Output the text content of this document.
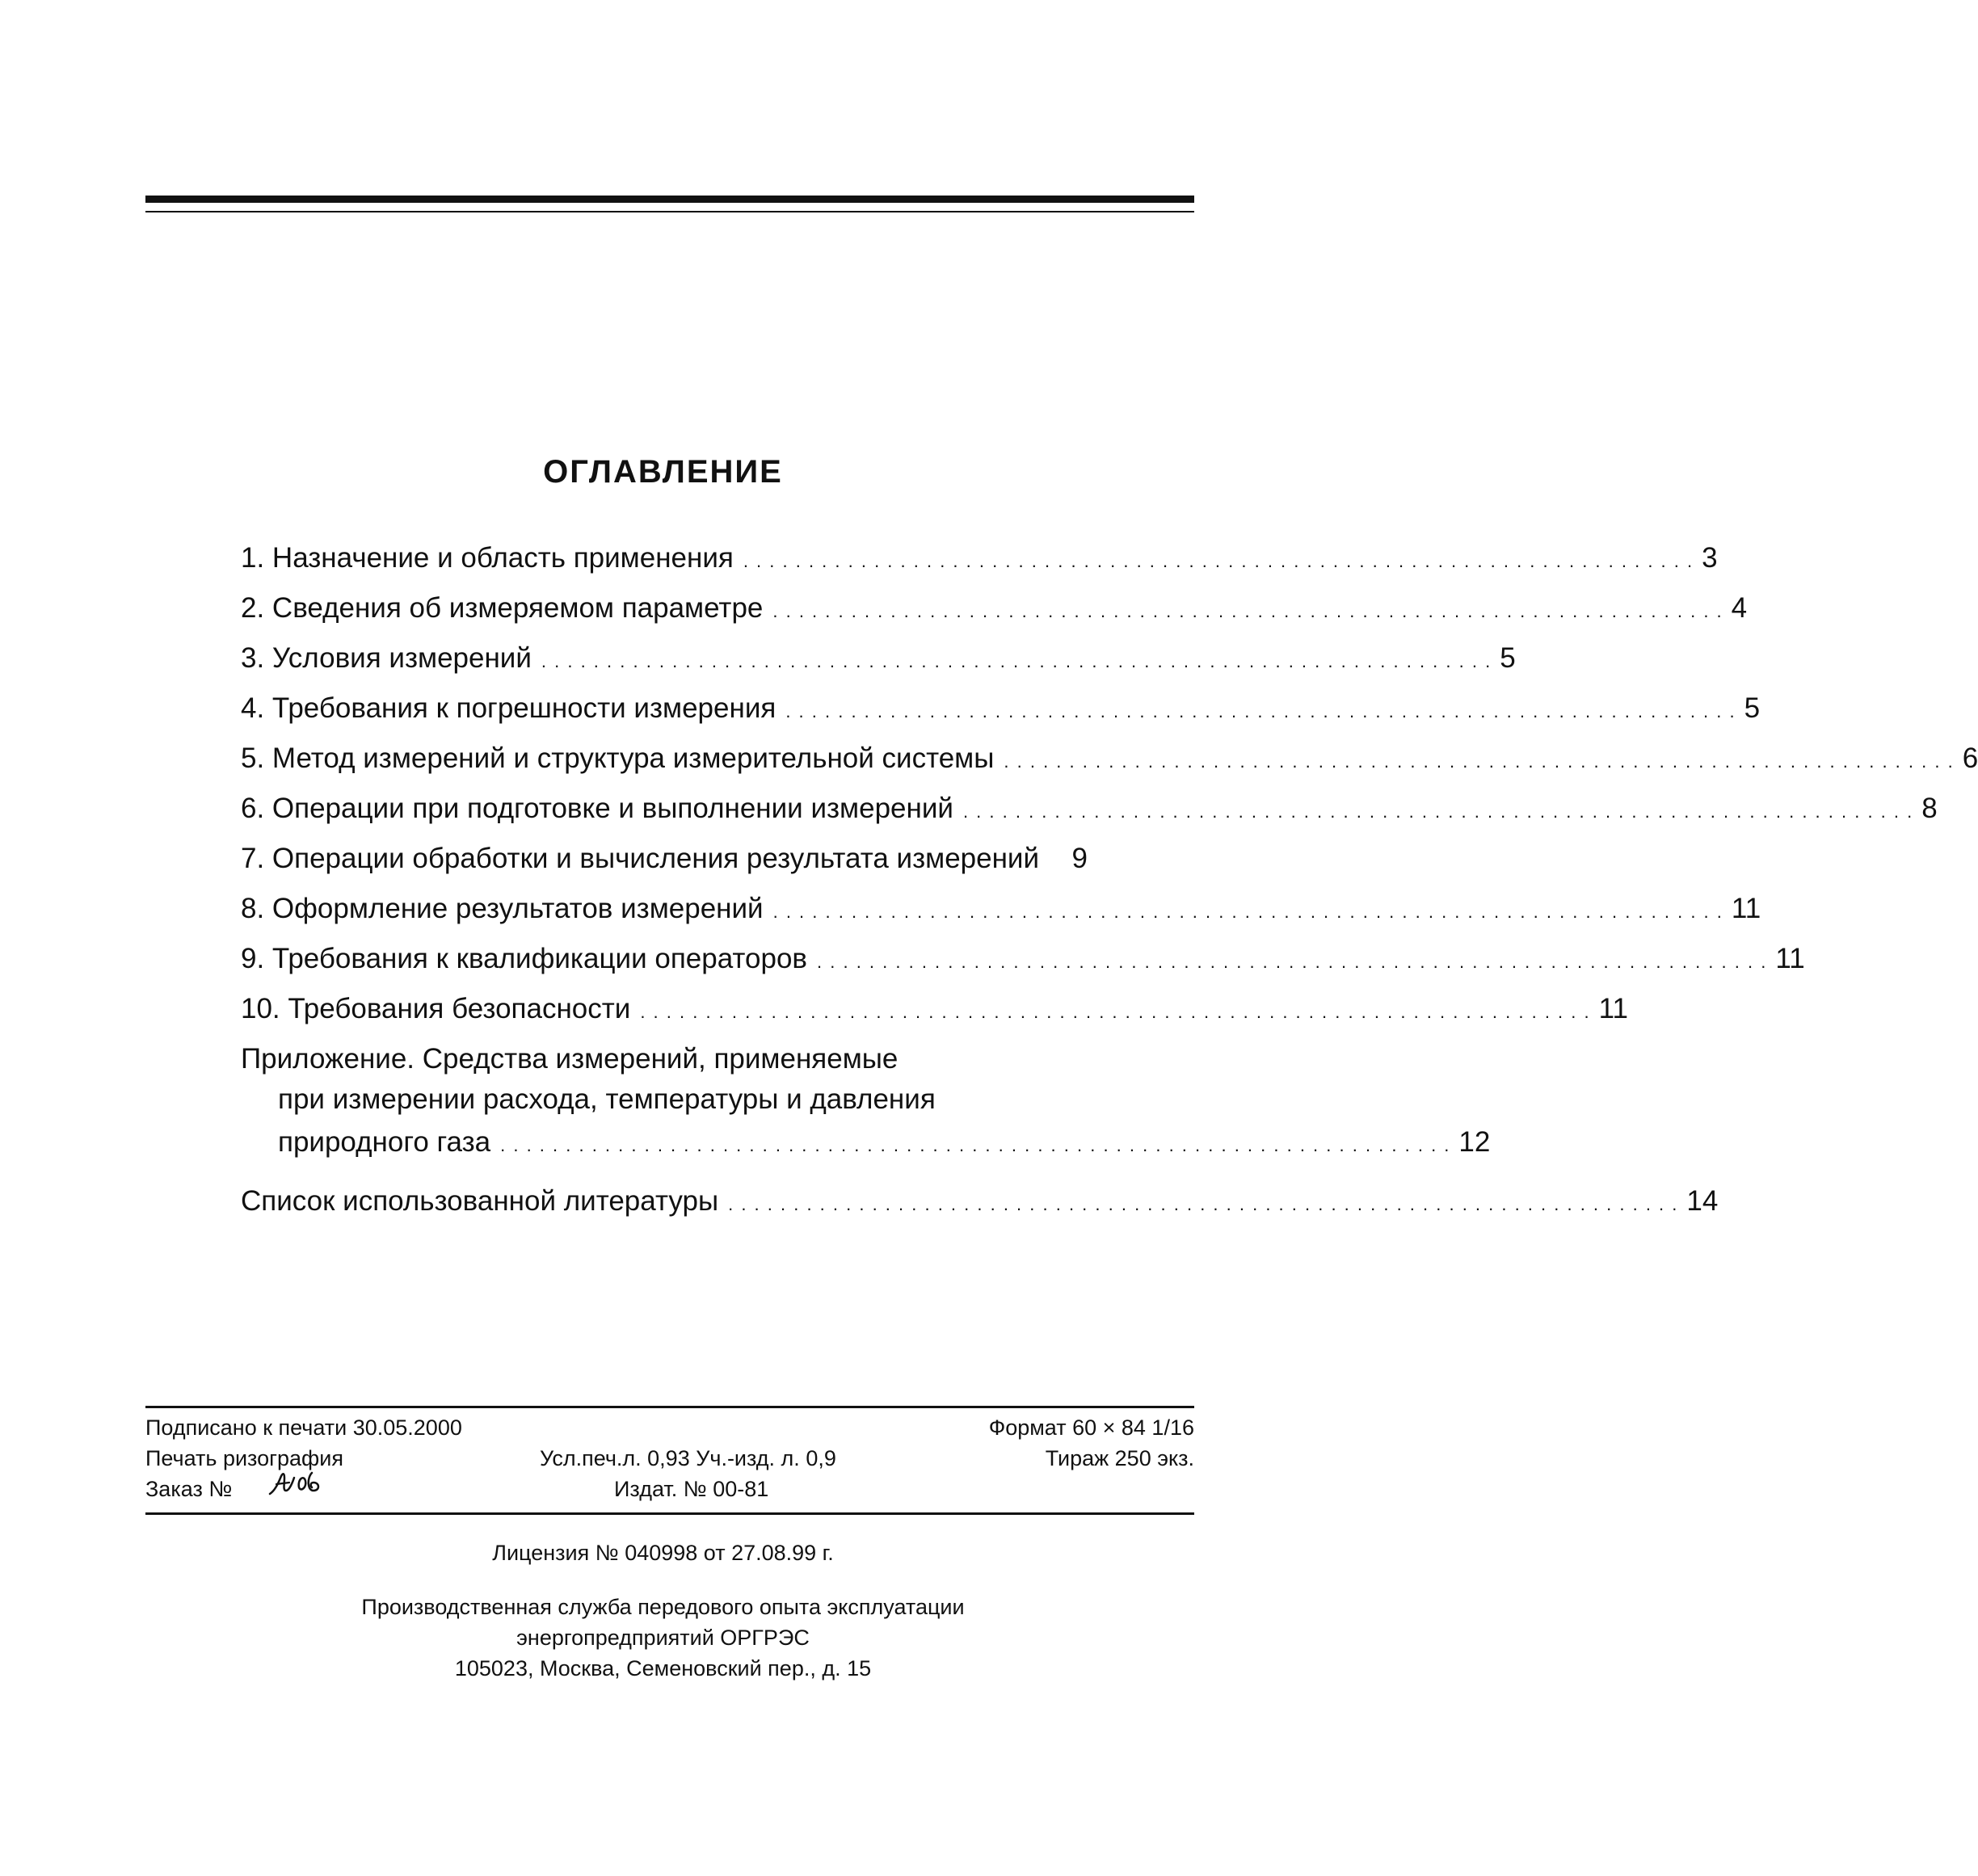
ОГЛАВЛЕНИЕ
1. Назначение и область применения . . . . . . . . . . . . . . . . . . . . . . . . . . . . . . . . . . . . . . . . . . . . . . . . . . . . . . . . . . . . . . . . . . . . . . . . . 3
2. Сведения об измеряемом параметре . . . . . . . . . . . . . . . . . . . . . . . . . . . . . . . . . . . . . . . . . . . . . . . . . . . . . . . . . . . . . . . . . . . . . . . . . 4
3. Условия измерений . . . . . . . . . . . . . . . . . . . . . . . . . . . . . . . . . . . . . . . . . . . . . . . . . . . . . . . . . . . . . . . . . . . . . . . . . 5
4. Требования к погрешности измерения . . . . . . . . . . . . . . . . . . . . . . . . . . . . . . . . . . . . . . . . . . . . . . . . . . . . . . . . . . . . . . . . . . . . . . . . . 5
5. Метод измерений и структура измерительной системы . . . . . . . . . . . . . . . . . . . . . . . . . . . . . . . . . . . . . . . . . . . . . . . . . . . . . . . . . . . . . . . . . . . . . . . . . 6
6. Операции при подготовке и выполнении измерений . . . . . . . . . . . . . . . . . . . . . . . . . . . . . . . . . . . . . . . . . . . . . . . . . . . . . . . . . . . . . . . . . . . . . . . . . 8
7. Операции обработки и вычисления результата измерений	9
8. Оформление результатов измерений . . . . . . . . . . . . . . . . . . . . . . . . . . . . . . . . . . . . . . . . . . . . . . . . . . . . . . . . . . . . . . . . . . . . . . . . . 11
9. Требования к квалификации операторов . . . . . . . . . . . . . . . . . . . . . . . . . . . . . . . . . . . . . . . . . . . . . . . . . . . . . . . . . . . . . . . . . . . . . . . . . 11
10. Требования безопасности . . . . . . . . . . . . . . . . . . . . . . . . . . . . . . . . . . . . . . . . . . . . . . . . . . . . . . . . . . . . . . . . . . . . . . . . . 11
Приложение. Средства измерений, применяемые
при измерении расхода, температуры и давления
природного газа . . . . . . . . . . . . . . . . . . . . . . . . . . . . . . . . . . . . . . . . . . . . . . . . . . . . . . . . . . . . . . . . . . . . . . . . . 12
Список использованной литературы . . . . . . . . . . . . . . . . . . . . . . . . . . . . . . . . . . . . . . . . . . . . . . . . . . . . . . . . . . . . . . . . . . . . . . . . . 14
Подписано к печати 30.05.2000	Формат 60 × 84 1/16
Печать ризография	Усл.печ.л. 0,93 Уч.-изд. л. 0,9	Тираж 250 экз.
Заказ №	Издат. № 00-81
Лицензия № 040998 от 27.08.99 г.
Производственная служба передового опыта эксплуатации
энергопредприятий ОРГРЭС
105023, Москва, Семеновский пер., д. 15
